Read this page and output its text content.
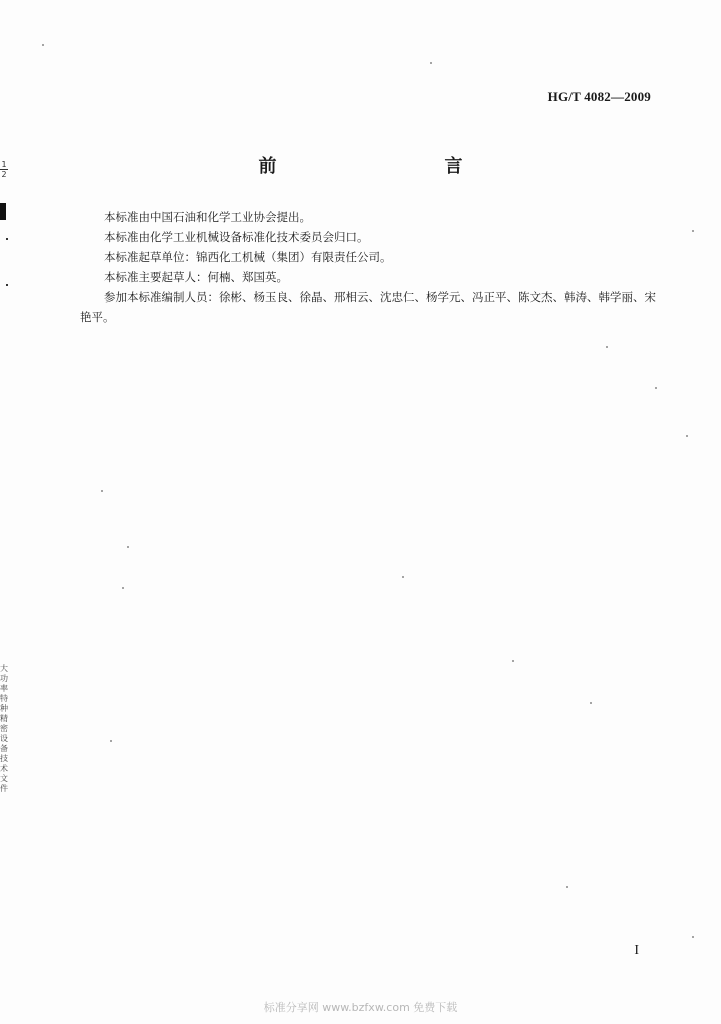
1
2
大功率特种精密设备技术文件
HG/T 4082—2009
前　　言

本标准由中国石油和化学工业协会提出。

本标准由化学工业机械设备标准化技术委员会归口。

本标准起草单位：锦西化工机械（集团）有限责任公司。

本标准主要起草人：何楠、郑国英。

参加本标准编制人员：徐彬、杨玉良、徐晶、邢相云、沈忠仁、杨学元、冯正平、陈文杰、韩涛、韩学丽、宋艳平。

I
标准分享网 www.bzfxw.com 免费下载
